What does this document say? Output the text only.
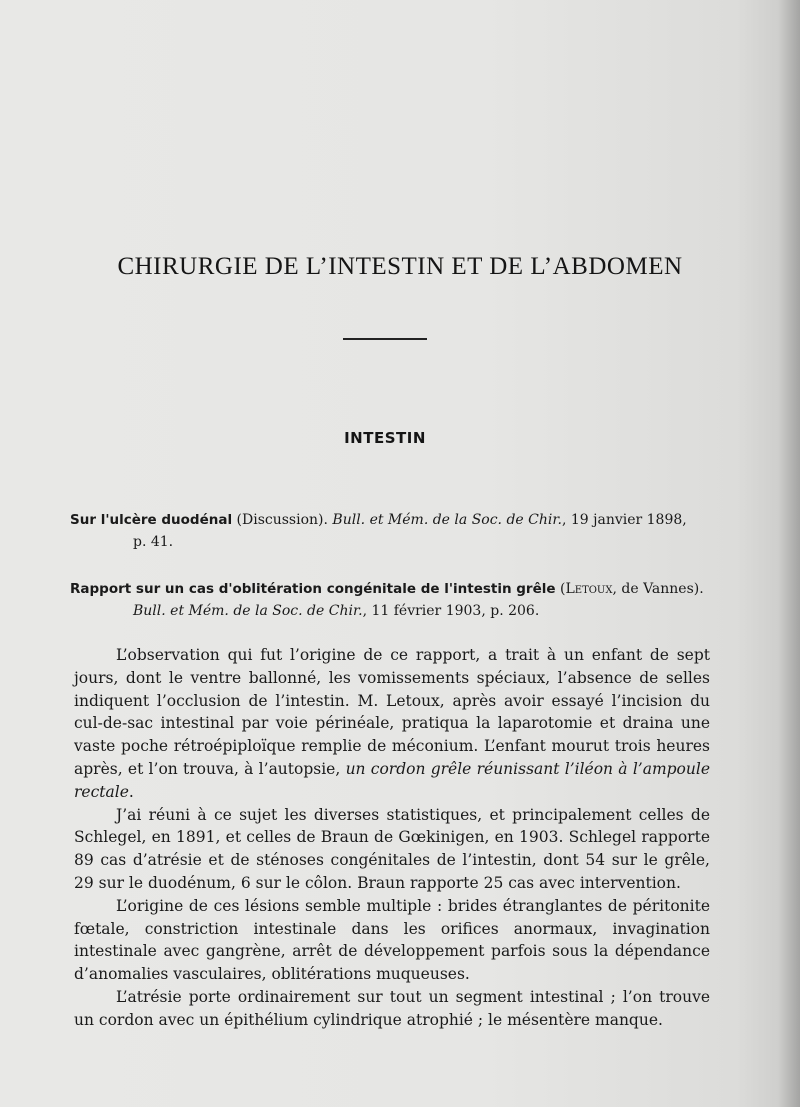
CHIRURGIE DE L’INTESTIN ET DE L’ABDOMEN
INTESTIN
Sur l'ulcère duodénal (Discussion). Bull. et Mém. de la Soc. de Chir., 19 janvier 1898,
p. 41.
Rapport sur un cas d'oblitération congénitale de l'intestin grêle (Letoux, de Vannes).
Bull. et Mém. de la Soc. de Chir., 11 février 1903, p. 206.

L’observation qui fut l’origine de ce rapport, a trait à un enfant de sept jours, dont le ventre ballonné, les vomissements spéciaux, l’absence de selles indiquent l’occlusion de l’intestin. M. Letoux, après avoir essayé l’incision du cul-de-sac intestinal par voie périnéale, pratiqua la laparotomie et draina une vaste poche rétroépiploïque remplie de méconium. L’enfant mourut trois heures après, et l’on trouva, à l’autopsie, un cordon grêle réunissant l’iléon à l’ampoule rectale.

J’ai réuni à ce sujet les diverses statistiques, et principalement celles de Schlegel, en 1891, et celles de Braun de Gœkinigen, en 1903. Schlegel rapporte 89 cas d’atrésie et de sténoses congénitales de l’intestin, dont 54 sur le grêle, 29 sur le duodénum, 6 sur le côlon. Braun rapporte 25 cas avec intervention.

L’origine de ces lésions semble multiple : brides étranglantes de péritonite fœtale, constriction intestinale dans les orifices anormaux, invagination intestinale avec gangrène, arrêt de développement parfois sous la dépendance d’anomalies vasculaires, oblitérations muqueuses.

L’atrésie porte ordinairement sur tout un segment intestinal ; l’on trouve un cordon avec un épithélium cylindrique atrophié ; le mésentère manque.
